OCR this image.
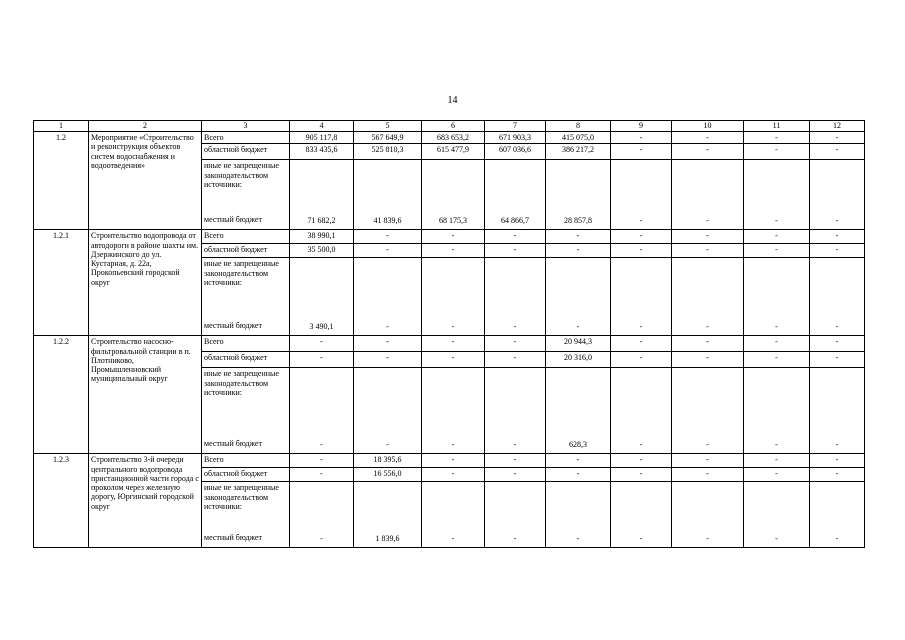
14
1	2	3	4	5	6	7	8	9	10	11	12
1.2	Мероприятие «Строительство и реконструкция объектов систем водоснабжения и водоотведения»	Всего	905 117,8	567 649,9	683 653,2	671 903,3	415 075,0	-	-	-	-
		областной бюджет	833 435,6	525 810,3	615 477,9	607 036,6	386 217,2	-	-	-	-

		иные не запрещенные законодательством источники:
местный бюджет	71 682,2	41 839,6	68 175,3	64 866,7	28 857,8	-	-	-	-
1.2.1	Строительство водопровода от автодороги в районе шахты им. Дзержинского до ул. Кустарная, д. 22а, Прокопьевский городской округ	Всего	38 990,1	-	-	-	-	-	-	-	-
		областной бюджет	35 500,0	-	-	-	-	-	-	-	-

		иные не запрещенные законодательством источники:
местный бюджет	3 490,1	-	-	-	-	-	-	-	-
1.2.2	Строительство насосно-фильтровальной станции в п. Плотниково, Промышленновский муниципальный округ	Всего	-	-	-	-	20 944,3	-	-	-	-
		областной бюджет	-	-	-	-	20 316,0	-	-	-	-

		иные не запрещенные законодательством источники:
местный бюджет	-	-	-	-	628,3	-	-	-	-
1.2.3	Строительство 3-й очереди центрального водопровода пристанционной части города с проколом через железную дорогу, Юргинский городской округ	Всего	-	18 395,6	-	-	-	-	-	-	-
		областной бюджет	-	16 556,0	-	-	-	-	-	-	-

		иные не запрещенные законодательством источники:
местный бюджет	-	1 839,6	-	-	-	-	-	-	-
